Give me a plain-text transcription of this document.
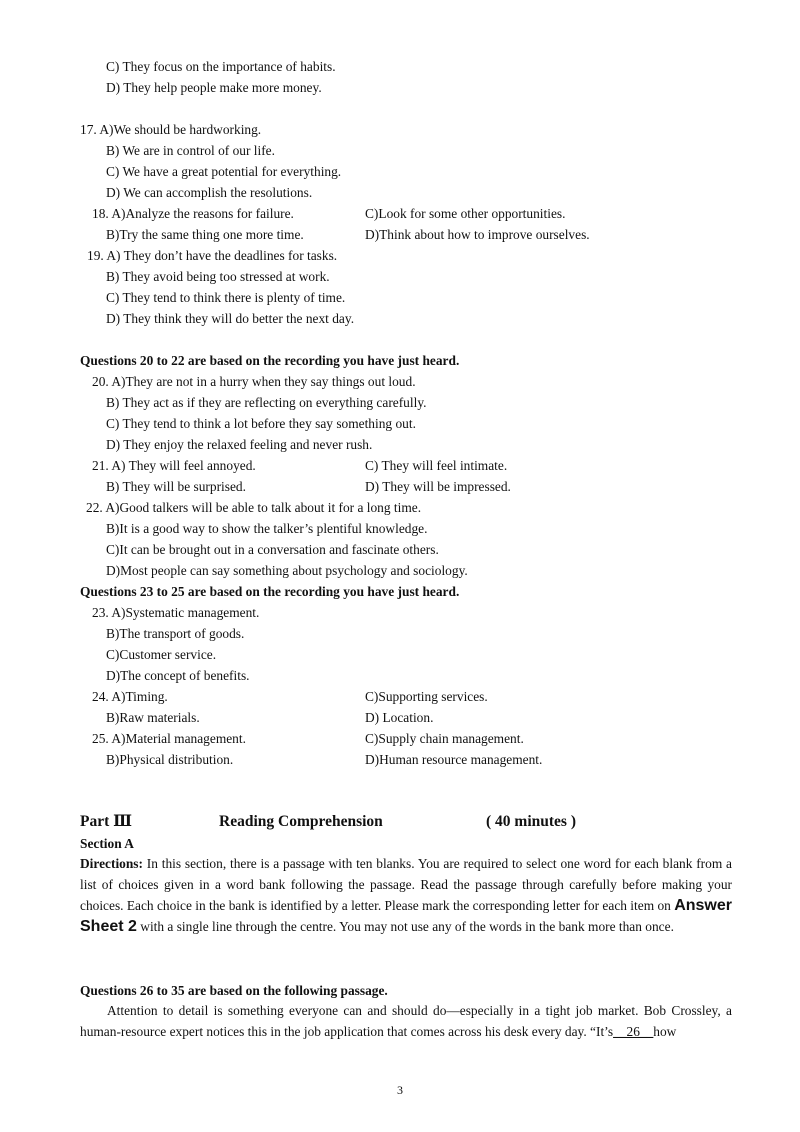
C) They focus on the importance of habits.
D) They help people make more money.
17. A)We should be hardworking.
B) We are in control of our life.
C) We have a great potential for everything.
D) We can accomplish the resolutions.
18. A)Analyze the reasons for failure.	C)Look for some other opportunities.
B)Try the same thing one more time.	D)Think about how to improve ourselves.
19. A) They don’t have the deadlines for tasks.
B) They avoid being too stressed at work.
C) They tend to think there is plenty of time.
D) They think they will do better the next day.
Questions 20 to 22 are based on the recording you have just heard.
20. A)They are not in a hurry when they say things out loud.
B) They act as if they are reflecting on everything carefully.
C) They tend to think a lot before they say something out.
D) They enjoy the relaxed feeling and never rush.
21. A) They will feel annoyed.	C) They will feel intimate.
B) They will be surprised.	D) They will be impressed.
22. A)Good talkers will be able to talk about it for a long time.
B)It is a good way to show the talker’s plentiful knowledge.
C)It can be brought out in a conversation and fascinate others.
D)Most people can say something about psychology and sociology.
Questions 23 to 25 are based on the recording you have just heard.
23. A)Systematic management.
B)The transport of goods.
C)Customer service.
D)The concept of benefits.
24. A)Timing.	C)Supporting services.
B)Raw materials.	D) Location.
25. A)Material management.	C)Supply chain management.
B)Physical distribution.	D)Human resource management.
Part Ⅲ	Reading Comprehension	( 40 minutes )
Section A
Directions: In this section, there is a passage with ten blanks. You are required to select one word for each blank from a list of choices given in a word bank following the passage. Read the passage through carefully before making your choices. Each choice in the bank is identified by a letter. Please mark the corresponding letter for each item on Answer Sheet 2 with a single line through the centre. You may not use any of the words in the bank more than once.
Questions 26 to 35 are based on the following passage.
Attention to detail is something everyone can and should do—especially in a tight job market. Bob Crossley, a human-resource expert notices this in the job application that comes across his desk every day. “It’s__26__how
3
